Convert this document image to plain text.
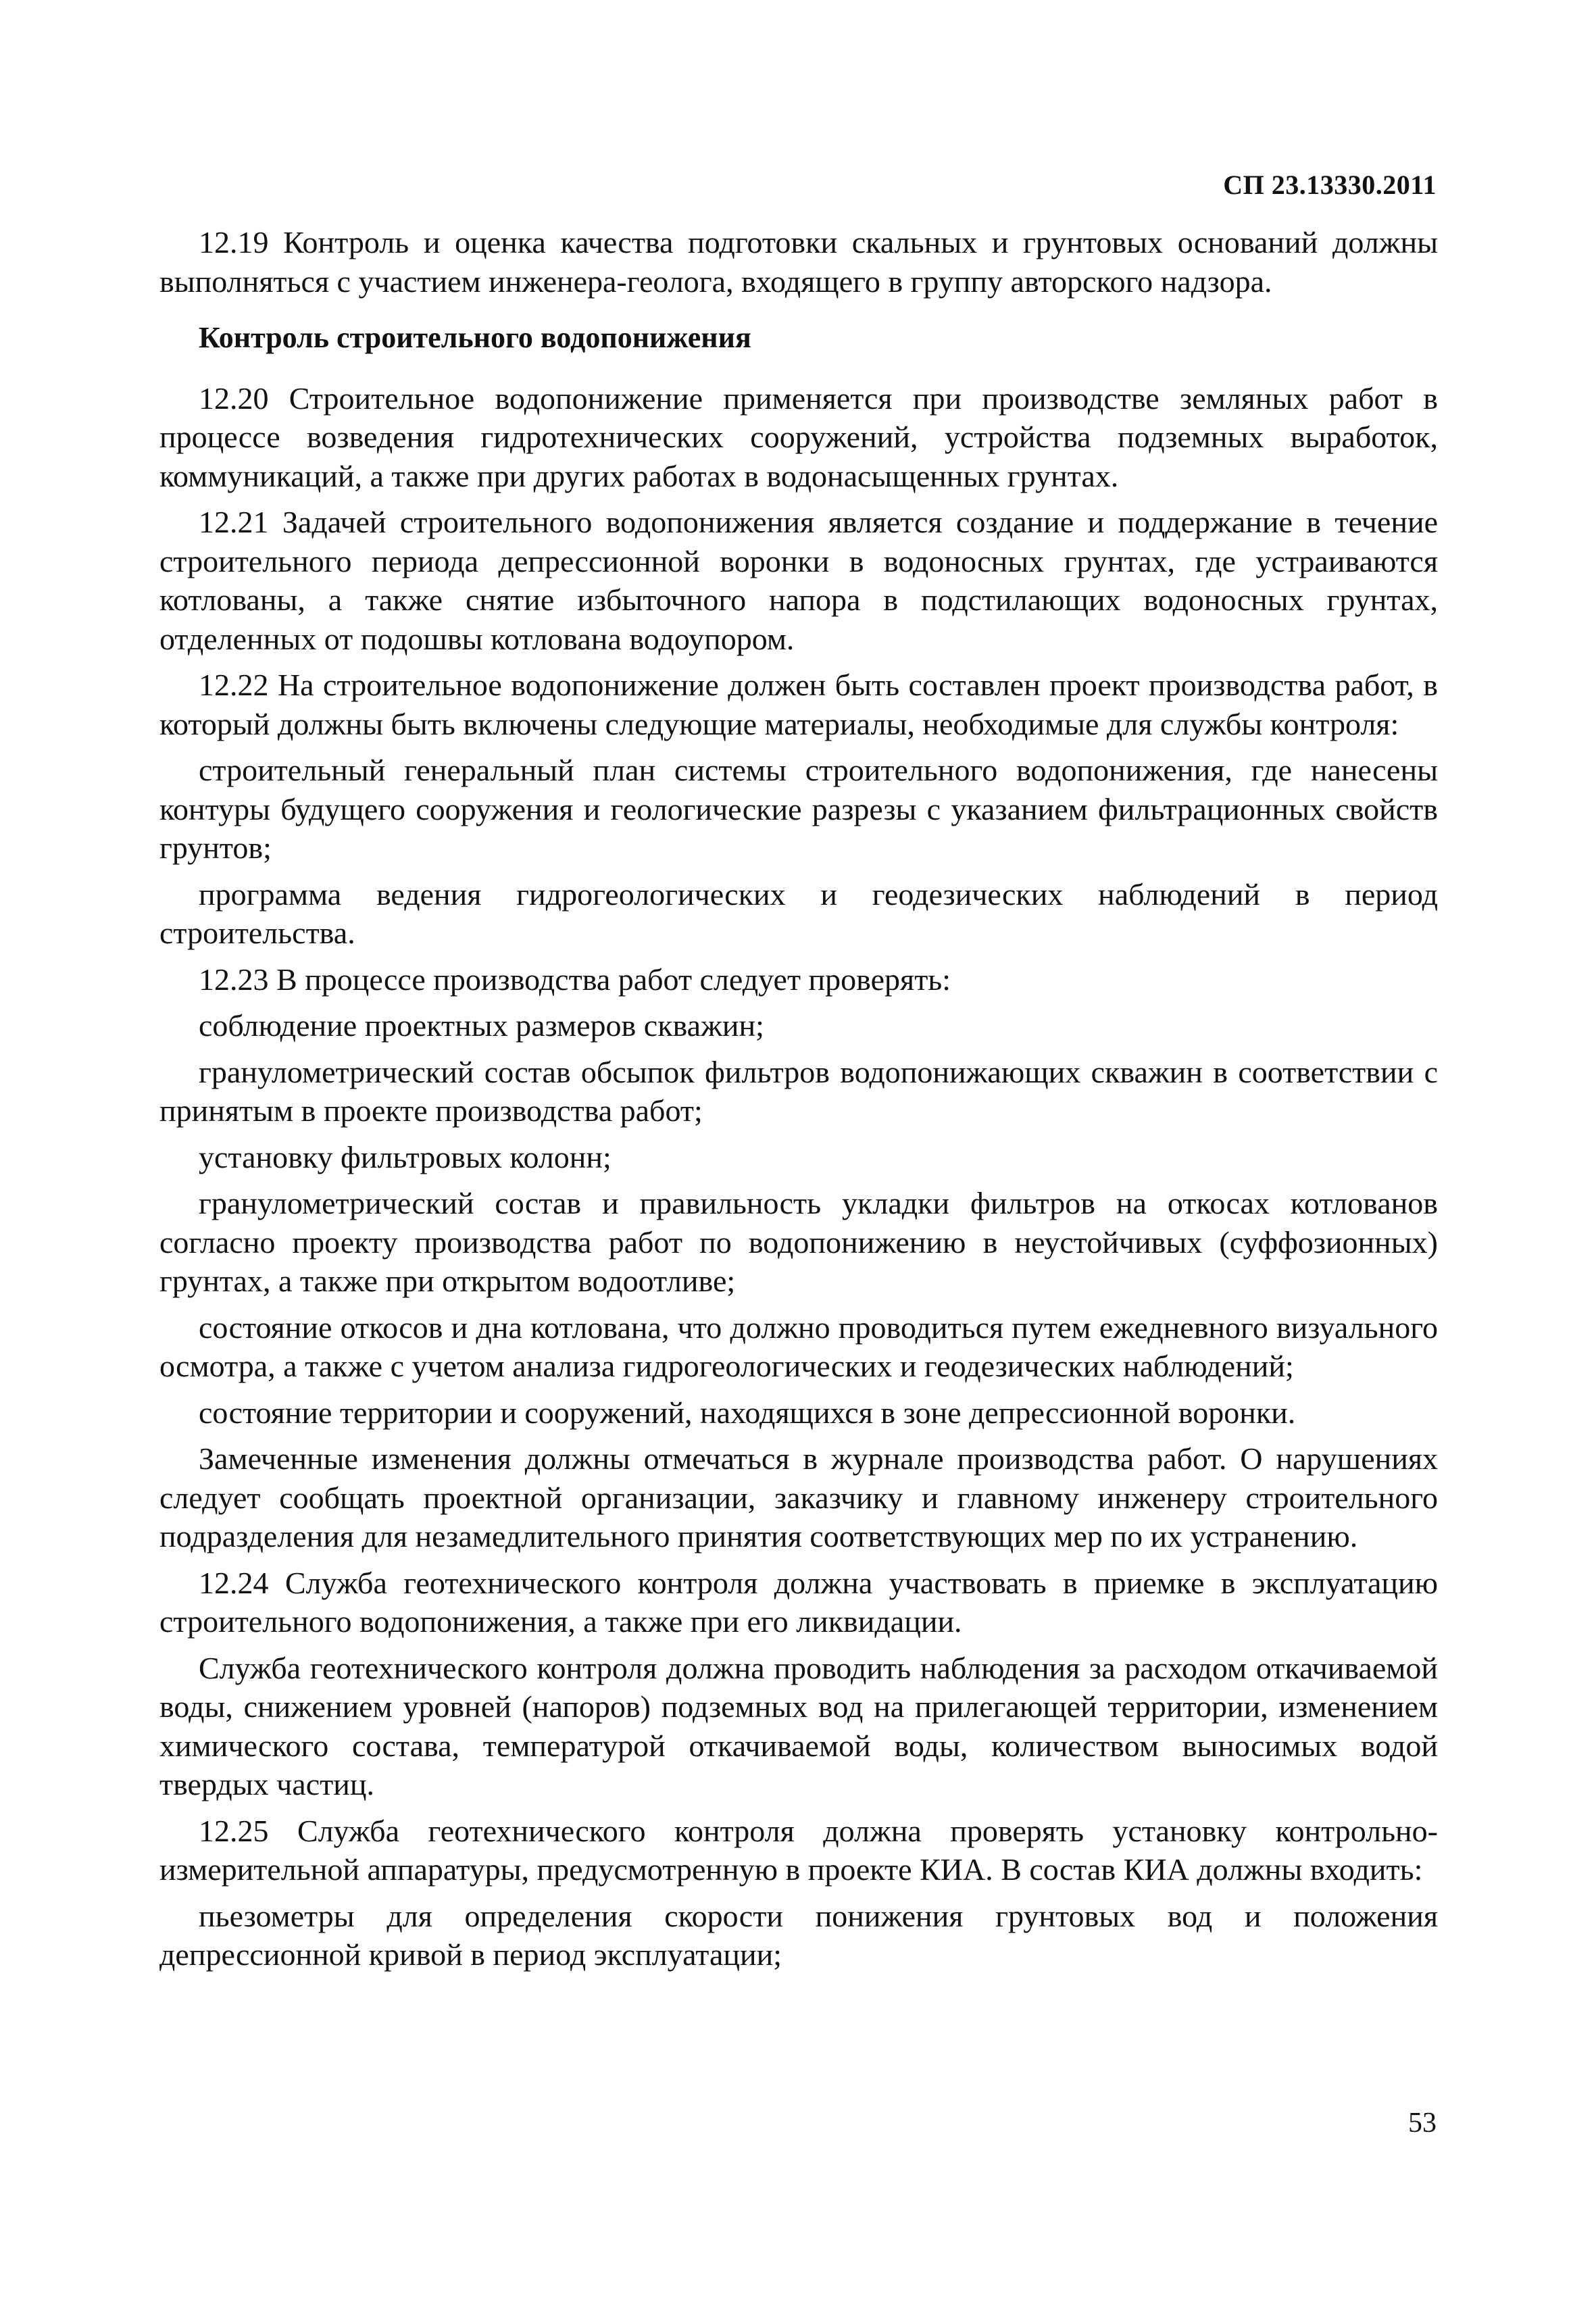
СП 23.13330.2011

12.19 Контроль и оценка качества подготовки скальных и грунтовых оснований должны выполняться с участием инженера-геолога, входящего в группу авторского надзора.

Контроль строительного водопонижения

12.20 Строительное водопонижение применяется при производстве земляных работ в процессе возведения гидротехнических сооружений, устройства подземных выработок, коммуникаций, а также при других работах в водонасыщенных грунтах.

12.21 Задачей строительного водопонижения является создание и поддержание в течение строительного периода депрессионной воронки в водоносных грунтах, где устраиваются котлованы, а также снятие избыточного напора в подстилающих водоносных грунтах, отделенных от подошвы котлована водоупором.

12.22 На строительное водопонижение должен быть составлен проект производства работ, в который должны быть включены следующие материалы, необходимые для службы контроля:

строительный генеральный план системы строительного водопонижения, где нанесены контуры будущего сооружения и геологические разрезы с указанием фильтрационных свойств грунтов;

программа ведения гидрогеологических и геодезических наблюдений в период строительства.

12.23 В процессе производства работ следует проверять:

соблюдение проектных размеров скважин;

гранулометрический состав обсыпок фильтров водопонижающих скважин в соответствии с принятым в проекте производства работ;

установку фильтровых колонн;

гранулометрический состав и правильность укладки фильтров на откосах котлованов согласно проекту производства работ по водопонижению в неустойчивых (суффозионных) грунтах, а также при открытом водоотливе;

состояние откосов и дна котлована, что должно проводиться путем ежедневного визуального осмотра, а также с учетом анализа гидрогеологических и геодезических наблюдений;

состояние территории и сооружений, находящихся в зоне депрессионной воронки.

Замеченные изменения должны отмечаться в журнале производства работ. О нарушениях следует сообщать проектной организации, заказчику и главному инженеру строительного подразделения для незамедлительного принятия соответствующих мер по их устранению.

12.24 Служба геотехнического контроля должна участвовать в приемке в эксплуатацию строительного водопонижения, а также при его ликвидации.

Служба геотехнического контроля должна проводить наблюдения за расходом откачиваемой воды, снижением уровней (напоров) подземных вод на прилегающей территории, изменением химического состава, температурой откачиваемой воды, количеством выносимых водой твердых частиц.

12.25 Служба геотехнического контроля должна проверять установку контрольно-измерительной аппаратуры, предусмотренную в проекте КИА. В состав КИА должны входить:

пьезометры для определения скорости понижения грунтовых вод и положения депрессионной кривой в период эксплуатации;

53
